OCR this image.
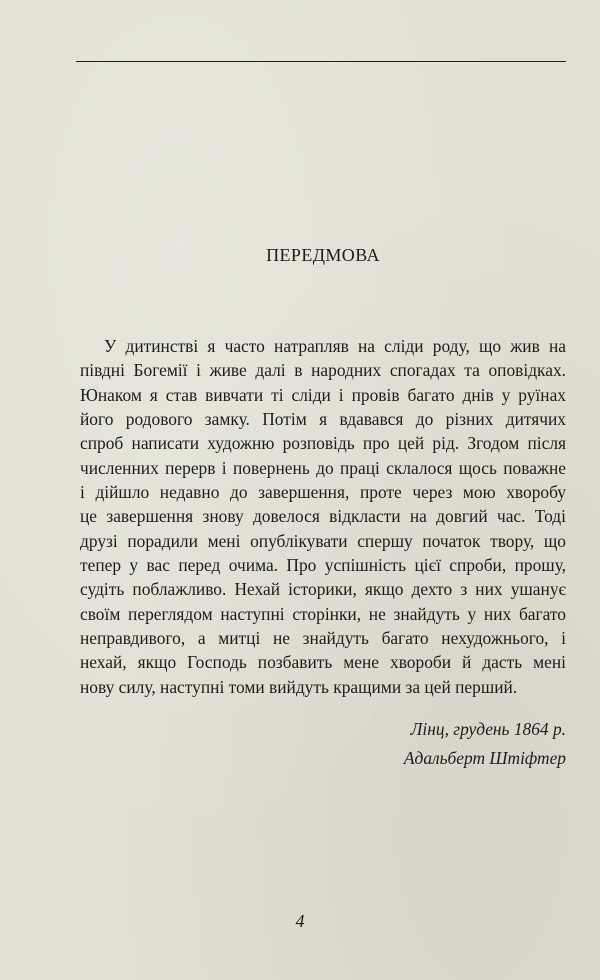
ПЕРЕДМОВА
У дитинстві я часто натрапляв на сліди роду, що жив на
півдні Богемії і живе далі в народних спогадах та оповідках.
Юнаком я став вивчати ті сліди і провів багато днів у руїнах
його родового замку. Потім я вдавався до різних дитячих
спроб написати художню розповідь про цей рід. Згодом після
численних перерв і повернень до праці склалося щось поважне
і дійшло недавно до завершення, проте через мою хворобу
це завершення знову довелося відкласти на довгий час. Тоді
друзі порадили мені опублікувати спершу початок твору, що
тепер у вас перед очима. Про успішність цієї спроби, прошу,
судіть поблажливо. Нехай історики, якщо дехто з них ушанує
своїм переглядом наступні сторінки, не знайдуть у них багато
неправдивого, а митці не знайдуть багато нехудожнього, і
нехай, якщо Господь позбавить мене хвороби й дасть мені
нову силу, наступні томи вийдуть кращими за цей перший.
Лінц, грудень 1864 р.
Адальберт Штіфтер
4
